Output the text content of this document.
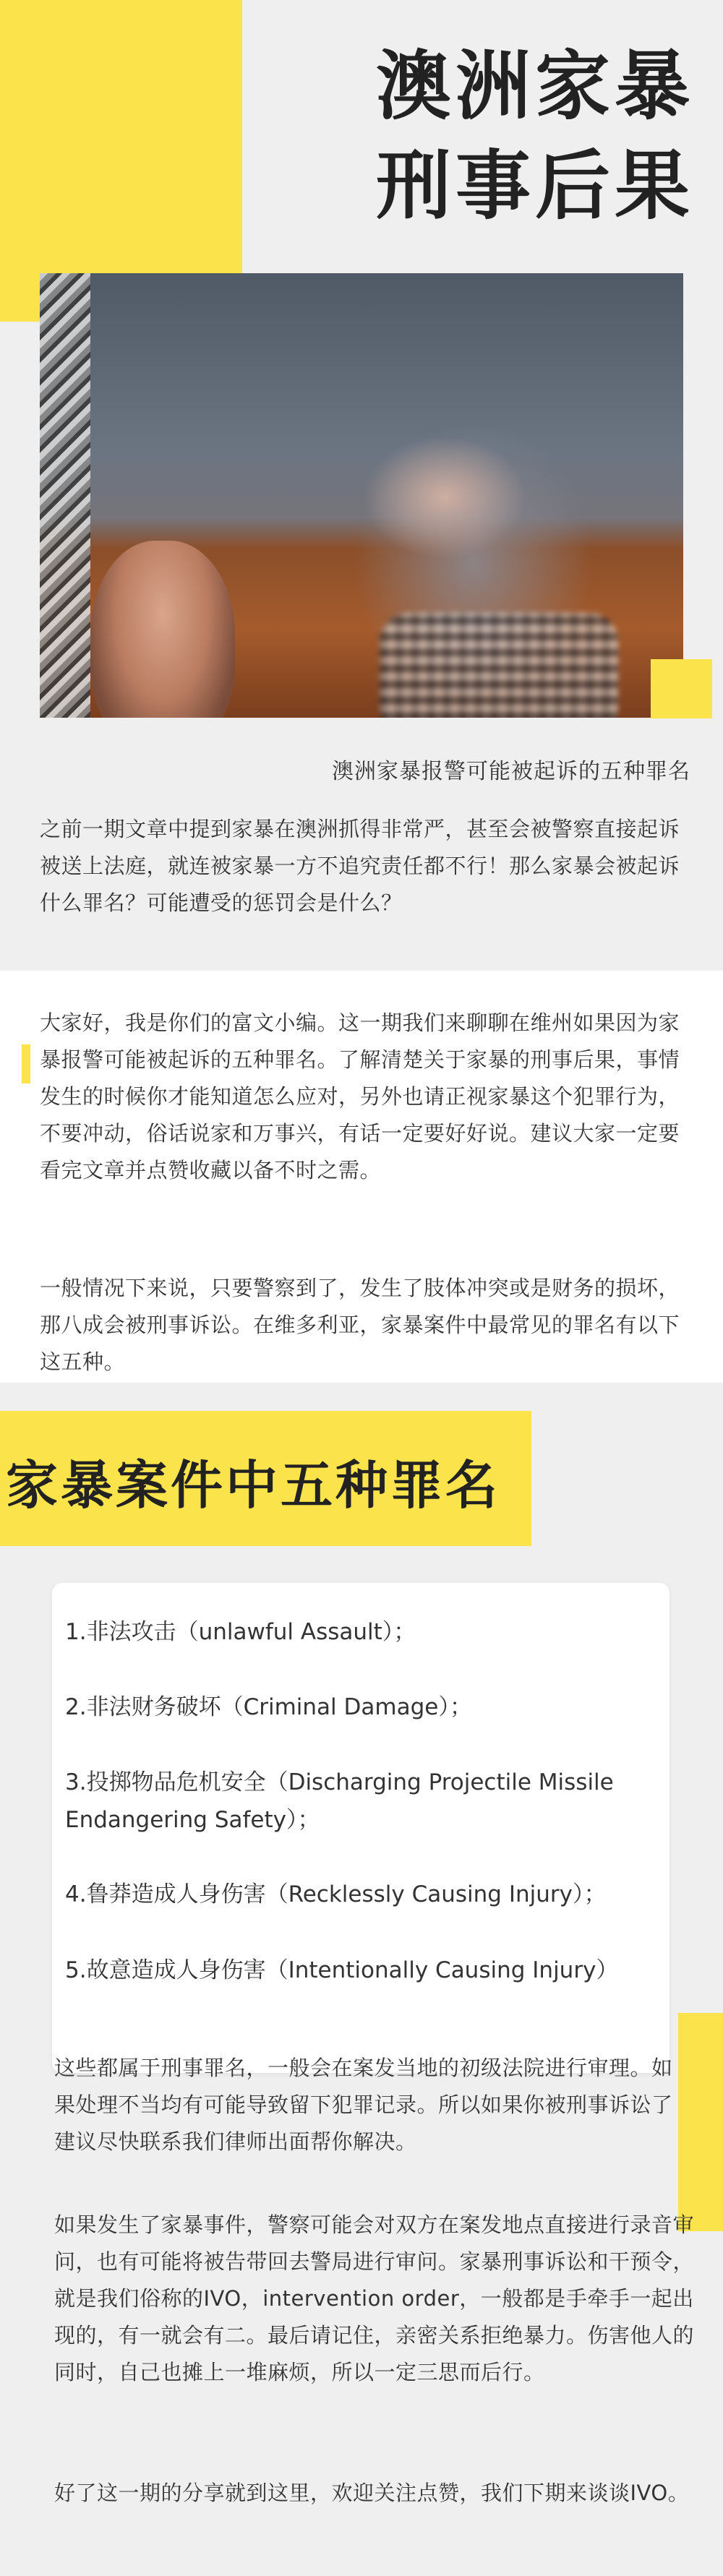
澳洲家暴
刑事后果
澳洲家暴报警可能被起诉的五种罪名
之前一期文章中提到家暴在澳洲抓得非常严，甚至会被警察直接起诉被送上法庭，就连被家暴一方不追究责任都不行！那么家暴会被起诉什么罪名？可能遭受的惩罚会是什么？
大家好，我是你们的富文小编。这一期我们来聊聊在维州如果因为家暴报警可能被起诉的五种罪名。了解清楚关于家暴的刑事后果，事情发生的时候你才能知道怎么应对，另外也请正视家暴这个犯罪行为，不要冲动，俗话说家和万事兴，有话一定要好好说。建议大家一定要看完文章并点赞收藏以备不时之需。
一般情况下来说，只要警察到了，发生了肢体冲突或是财务的损坏，那八成会被刑事诉讼。在维多利亚，家暴案件中最常见的罪名有以下这五种。
家暴案件中五种罪名
1.非法攻击（unlawful Assault）；
2.非法财务破坏（Criminal Damage）；
3.投掷物品危机安全（Discharging Projectile Missile Endangering Safety）；
4.鲁莽造成人身伤害（Recklessly Causing Injury）；
5.故意造成人身伤害（Intentionally Causing Injury）
这些都属于刑事罪名，一般会在案发当地的初级法院进行审理。如果处理不当均有可能导致留下犯罪记录。所以如果你被刑事诉讼了建议尽快联系我们律师出面帮你解决。
如果发生了家暴事件，警察可能会对双方在案发地点直接进行录音审问，也有可能将被告带回去警局进行审问。家暴刑事诉讼和干预令，就是我们俗称的IVO，intervention order，一般都是手牵手一起出现的，有一就会有二。最后请记住，亲密关系拒绝暴力。伤害他人的同时，自己也摊上一堆麻烦，所以一定三思而后行。
好了这一期的分享就到这里，欢迎关注点赞，我们下期来谈谈IVO。
